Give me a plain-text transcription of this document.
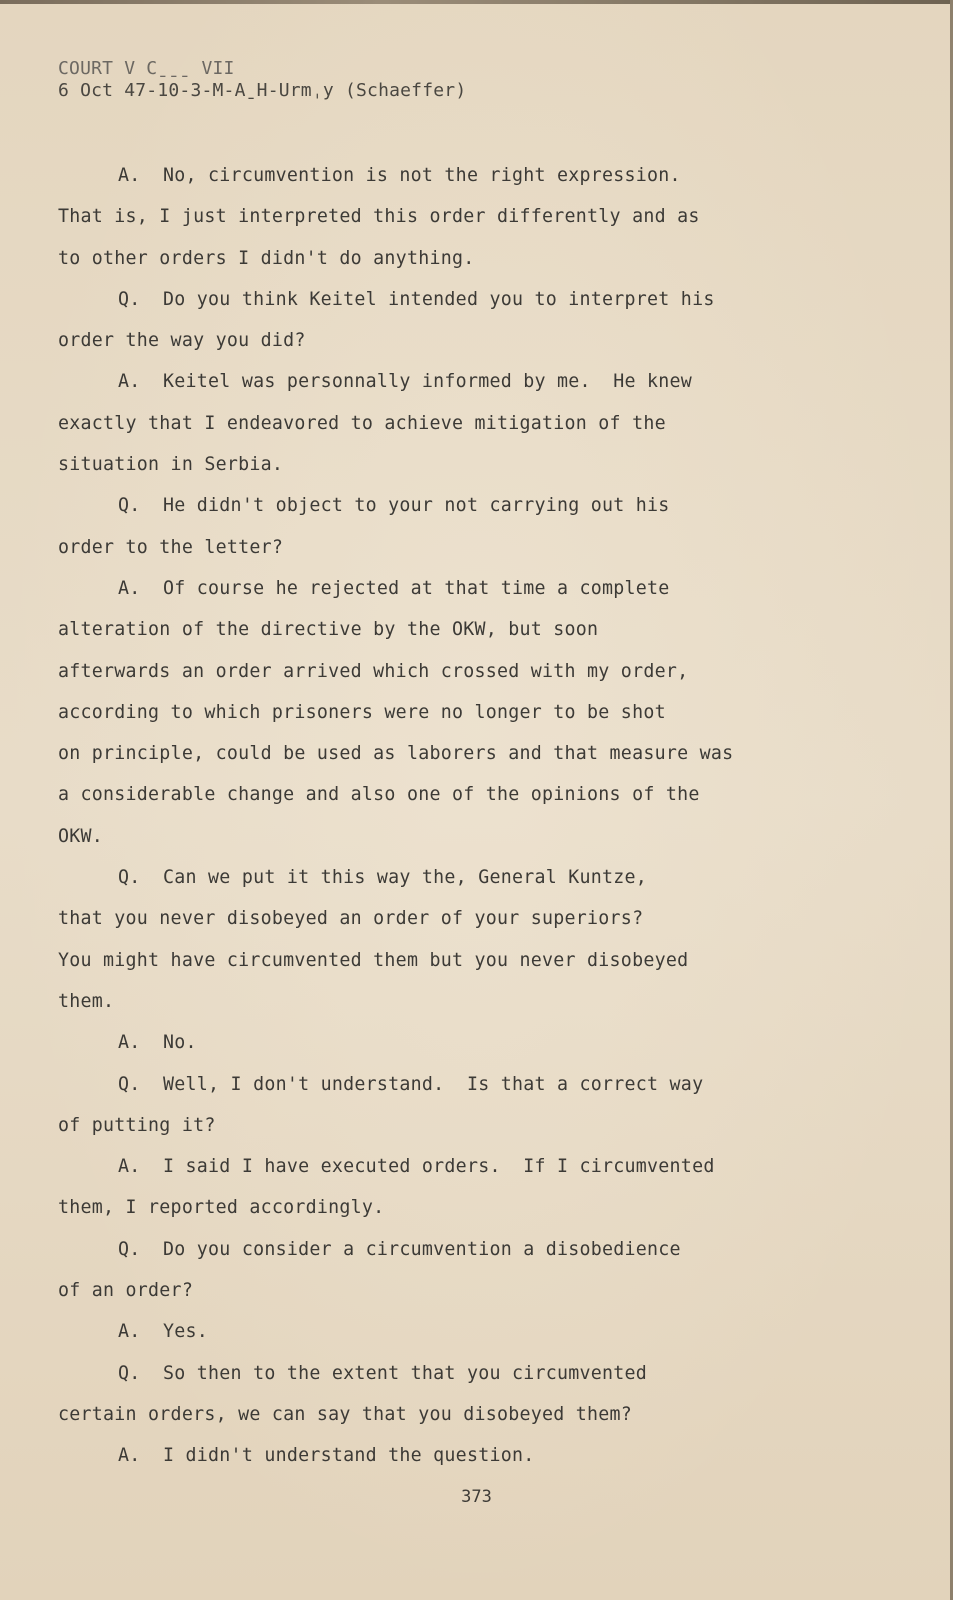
COURT V Cˍˍˍ VII
6 Oct 47-10-3-M-AˍH-Urmˌy (Schaeffer)
A.  No, circumvention is not the right expression.
That is, I just interpreted this order differently and as
to other orders I didn't do anything.
Q.  Do you think Keitel intended you to interpret his
order the way you did?
A.  Keitel was personnally informed by me.  He knew
exactly that I endeavored to achieve mitigation of the
situation in Serbia.
Q.  He didn't object to your not carrying out his
order to the letter?
A.  Of course he rejected at that time a complete
alteration of the directive by the OKW, but soon
afterwards an order arrived which crossed with my order,
according to which prisoners were no longer to be shot
on principle, could be used as laborers and that measure was
a considerable change and also one of the opinions of the
OKW.
Q.  Can we put it this way the, General Kuntze,
that you never disobeyed an order of your superiors?
You might have circumvented them but you never disobeyed
them.
A.  No.
Q.  Well, I don't understand.  Is that a correct way
of putting it?
A.  I said I have executed orders.  If I circumvented
them, I reported accordingly.
Q.  Do you consider a circumvention a disobedience
of an order?
A.  Yes.
Q.  So then to the extent that you circumvented
certain orders, we can say that you disobeyed them?
A.  I didn't understand the question.
373
